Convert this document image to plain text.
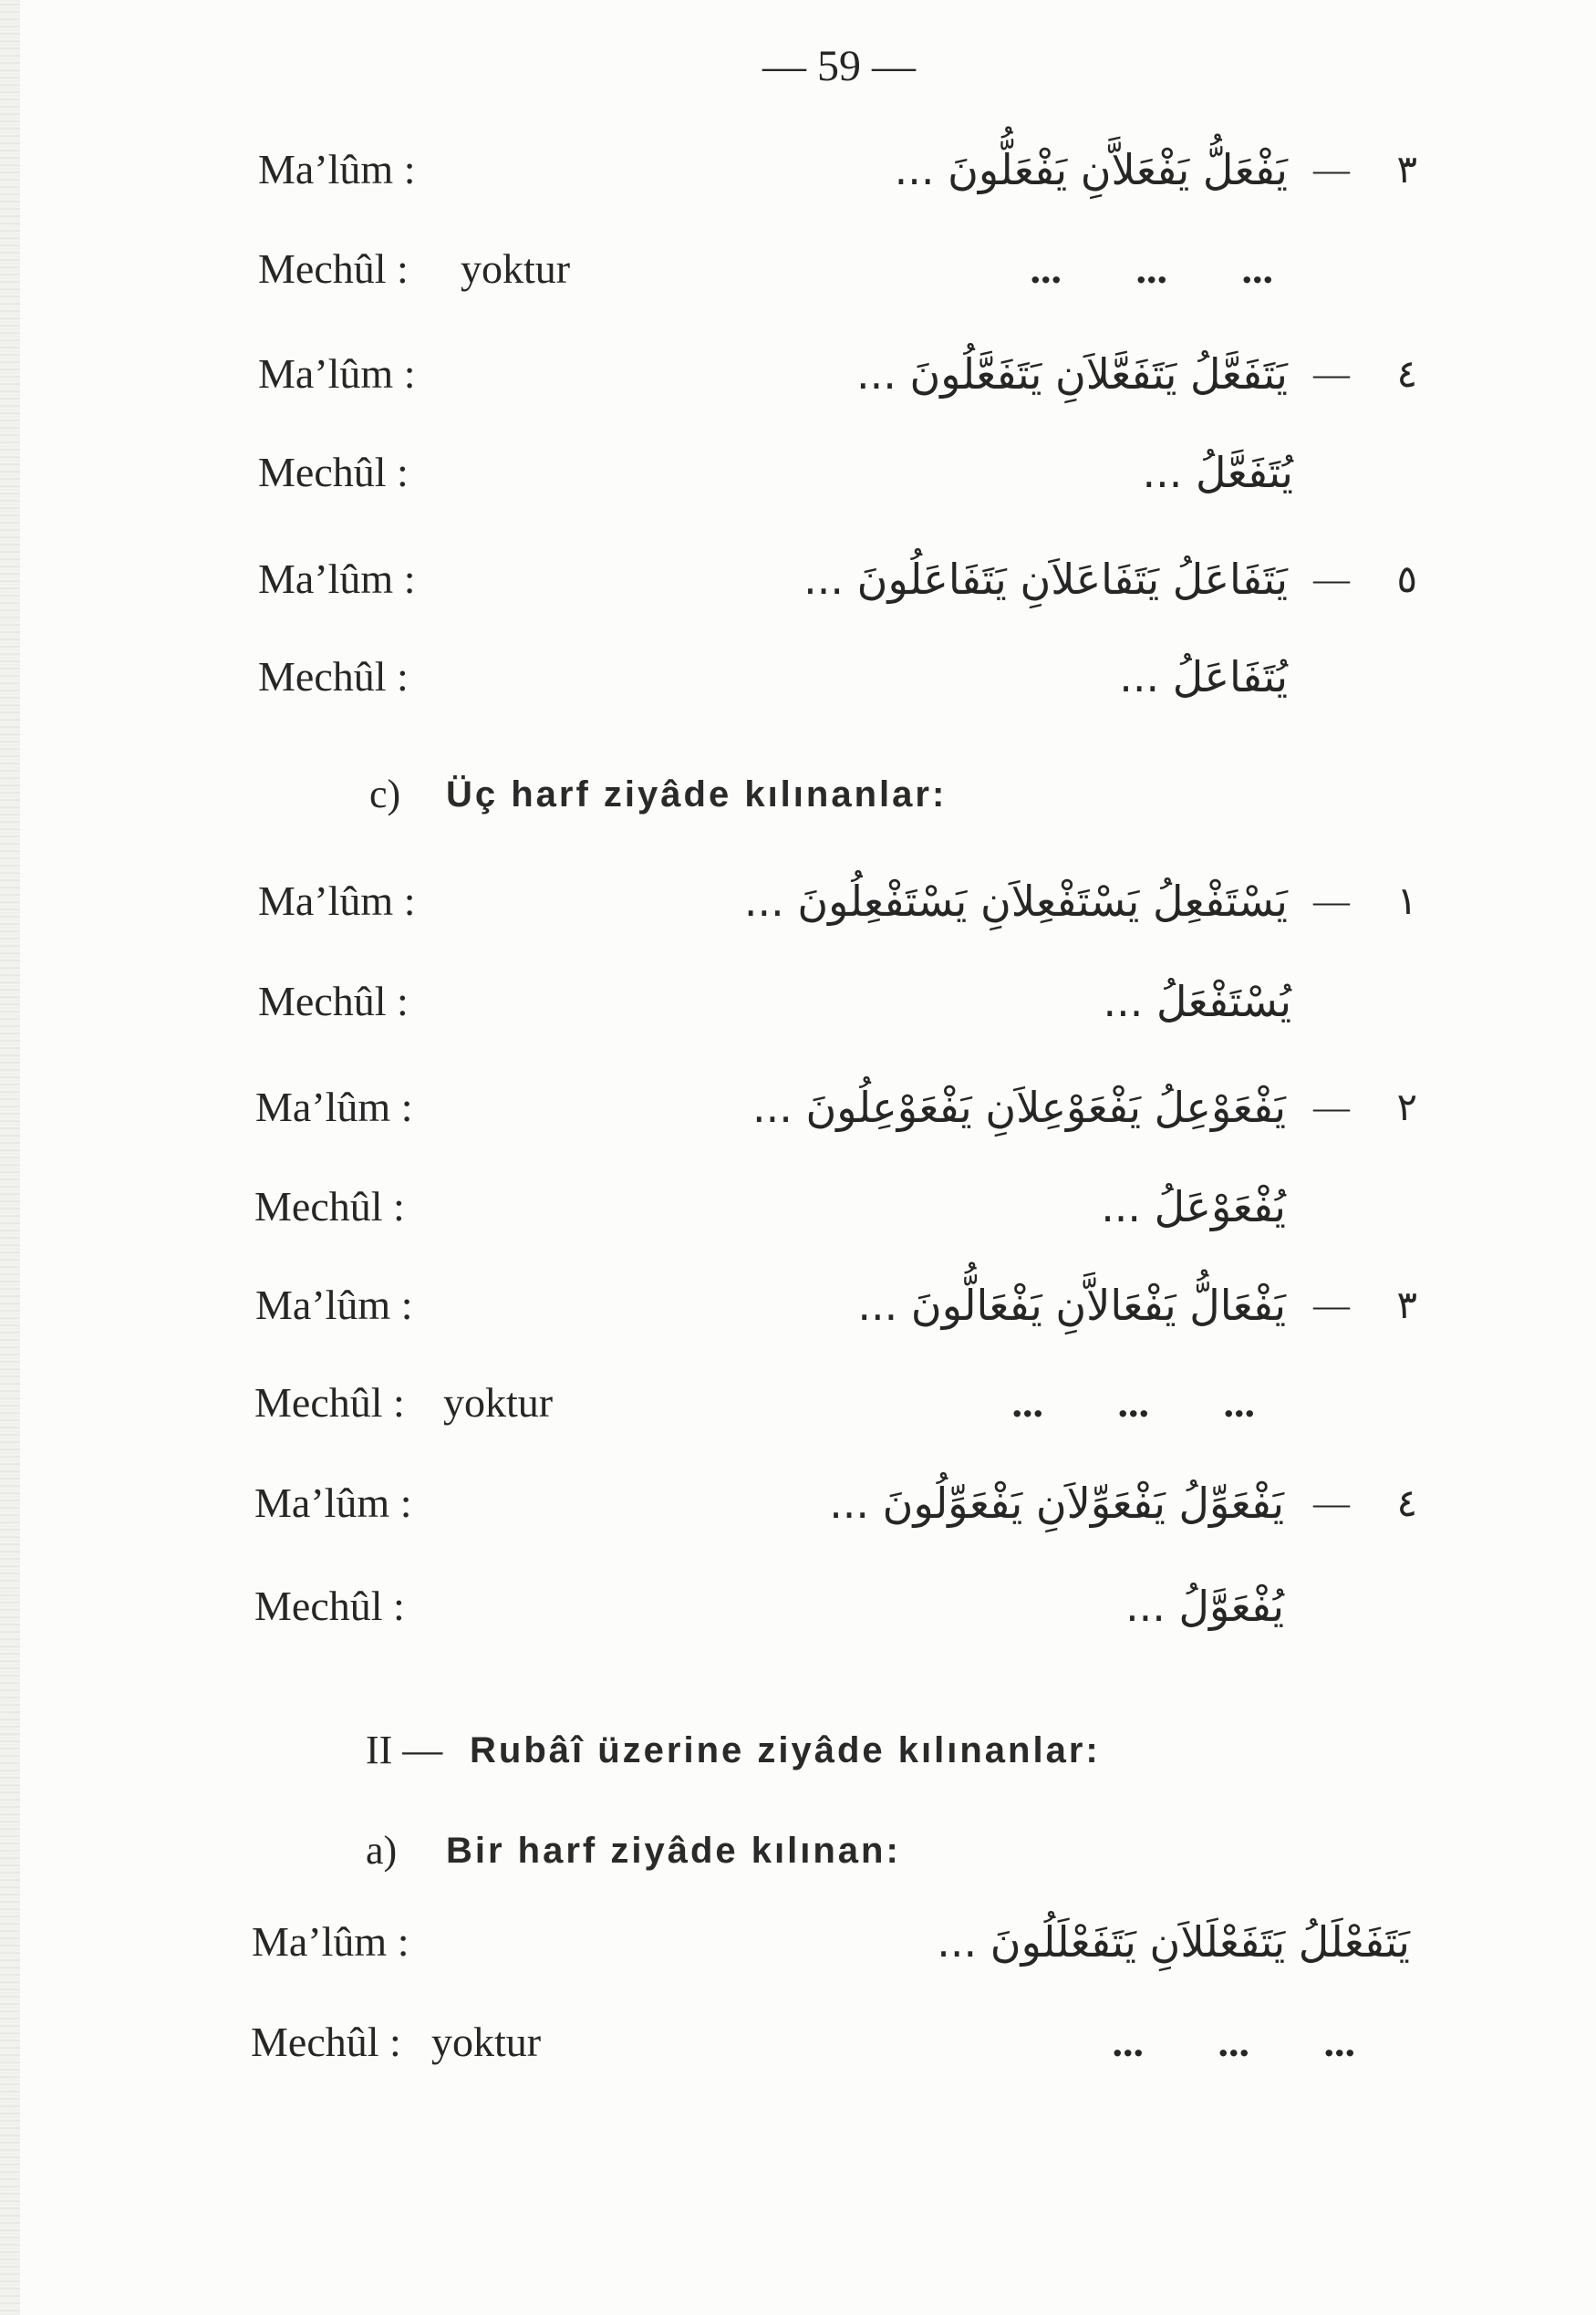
— 59 —
Ma’lûm :	يَفْعَلُّ يَفْعَلاَّنِ يَفْعَلُّونَ ... — ٣
Mechûl : yoktur	... ... ...
Ma’lûm :	يَتَفَعَّلُ يَتَفَعَّلاَنِ يَتَفَعَّلُونَ ... — ٤
Mechûl :	يُتَفَعَّلُ ...
Ma’lûm :	يَتَفَاعَلُ يَتَفَاعَلاَنِ يَتَفَاعَلُونَ ... — ٥
Mechûl :	يُتَفَاعَلُ ...
c) Üç harf ziyâde kılınanlar:
Ma’lûm :	يَسْتَفْعِلُ يَسْتَفْعِلاَنِ يَسْتَفْعِلُونَ ... — ١
Mechûl :	يُسْتَفْعَلُ ...
Ma’lûm :	يَفْعَوْعِلُ يَفْعَوْعِلاَنِ يَفْعَوْعِلُونَ ... — ٢
Mechûl :	يُفْعَوْعَلُ ...
Ma’lûm :	يَفْعَالُّ يَفْعَالاَّنِ يَفْعَالُّونَ ... — ٣
Mechûl : yoktur	... ... ...
Ma’lûm :	يَفْعَوِّلُ يَفْعَوِّلاَنِ يَفْعَوِّلُونَ ... — ٤
Mechûl :	يُفْعَوَّلُ ...
II — Rubâî üzerine ziyâde kılınanlar:
a) Bir harf ziyâde kılınan:
Ma’lûm :	يَتَفَعْلَلُ يَتَفَعْلَلاَنِ يَتَفَعْلَلُونَ ...
Mechûl : yoktur	... ... ...
